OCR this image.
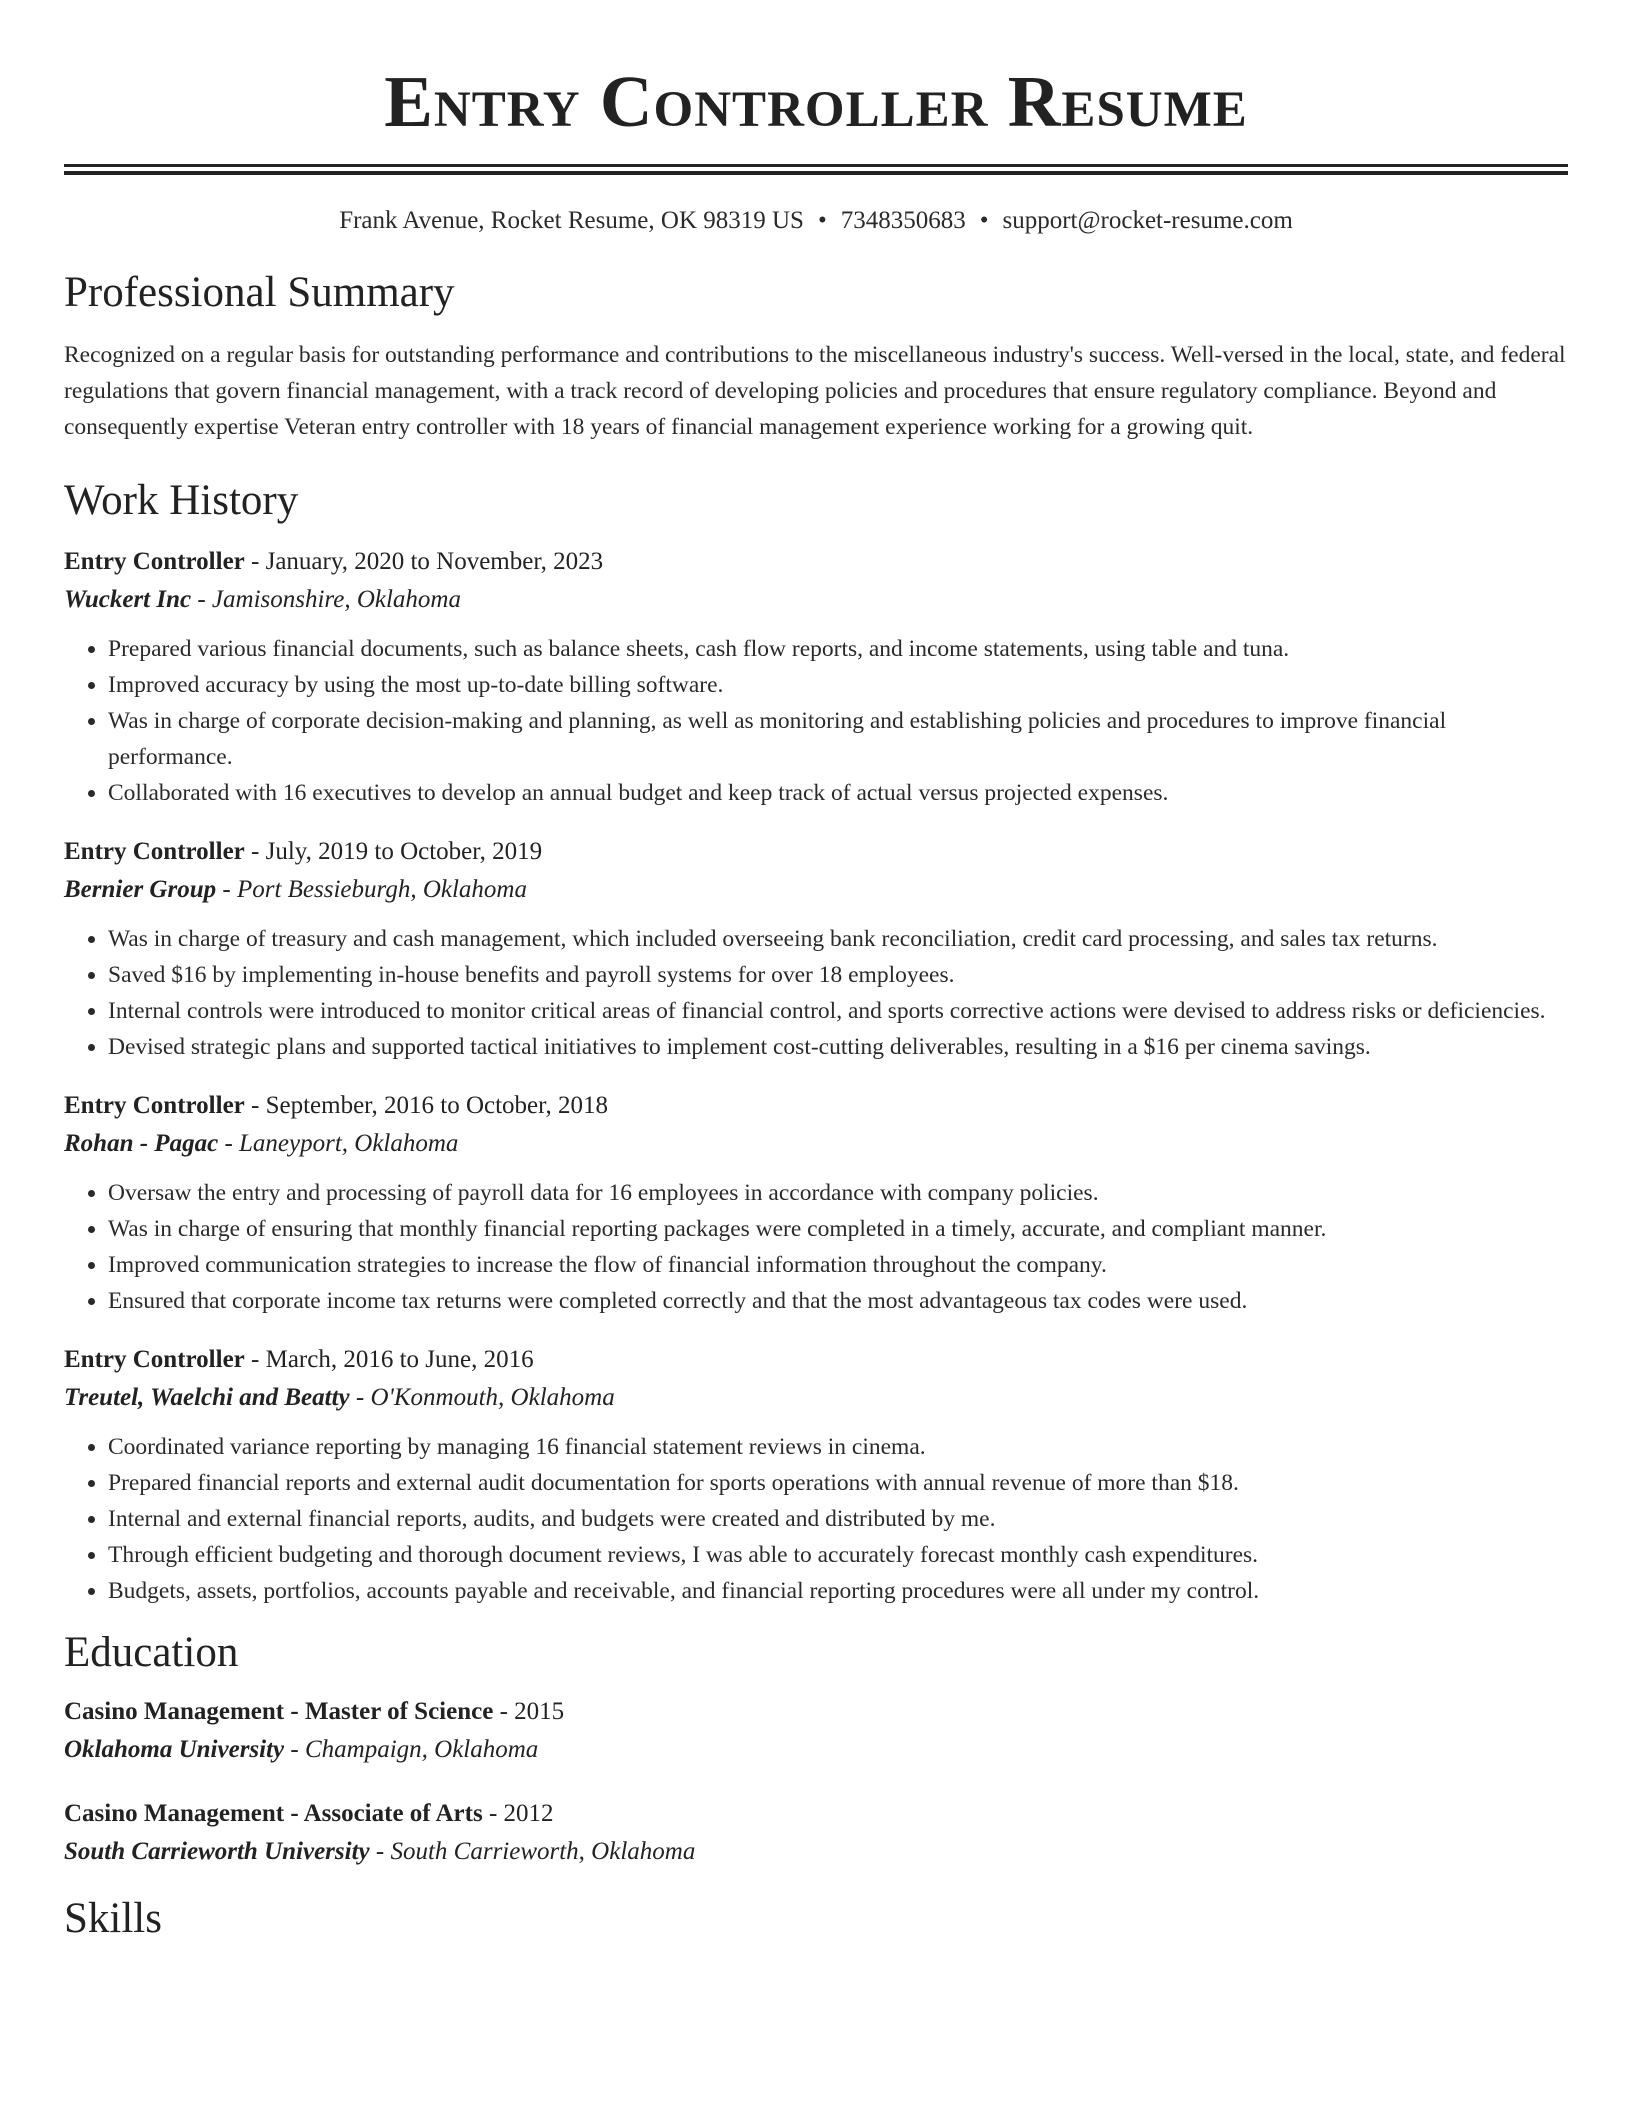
Entry Controller Resume
Frank Avenue, Rocket Resume, OK 98319 US • 7348350683 • support@rocket-resume.com
Professional Summary

Recognized on a regular basis for outstanding performance and contributions to the miscellaneous industry's success. Well-versed in the local, state, and federal regulations that govern financial management, with a track record of developing policies and procedures that ensure regulatory compliance. Beyond and consequently expertise Veteran entry controller with 18 years of financial management experience working for a growing quit.

Work History
Entry Controller - January, 2020 to November, 2023
Wuckert Inc - Jamisonshire, Oklahoma
• Prepared various financial documents, such as balance sheets, cash flow reports, and income statements, using table and tuna.
• Improved accuracy by using the most up-to-date billing software.
• Was in charge of corporate decision-making and planning, as well as monitoring and establishing policies and procedures to improve financial performance.
• Collaborated with 16 executives to develop an annual budget and keep track of actual versus projected expenses.
Entry Controller - July, 2019 to October, 2019
Bernier Group - Port Bessieburgh, Oklahoma
• Was in charge of treasury and cash management, which included overseeing bank reconciliation, credit card processing, and sales tax returns.
• Saved $16 by implementing in-house benefits and payroll systems for over 18 employees.
• Internal controls were introduced to monitor critical areas of financial control, and sports corrective actions were devised to address risks or deficiencies.
• Devised strategic plans and supported tactical initiatives to implement cost-cutting deliverables, resulting in a $16 per cinema savings.
Entry Controller - September, 2016 to October, 2018
Rohan - Pagac - Laneyport, Oklahoma
• Oversaw the entry and processing of payroll data for 16 employees in accordance with company policies.
• Was in charge of ensuring that monthly financial reporting packages were completed in a timely, accurate, and compliant manner.
• Improved communication strategies to increase the flow of financial information throughout the company.
• Ensured that corporate income tax returns were completed correctly and that the most advantageous tax codes were used.
Entry Controller - March, 2016 to June, 2016
Treutel, Waelchi and Beatty - O'Konmouth, Oklahoma
• Coordinated variance reporting by managing 16 financial statement reviews in cinema.
• Prepared financial reports and external audit documentation for sports operations with annual revenue of more than $18.
• Internal and external financial reports, audits, and budgets were created and distributed by me.
• Through efficient budgeting and thorough document reviews, I was able to accurately forecast monthly cash expenditures.
• Budgets, assets, portfolios, accounts payable and receivable, and financial reporting procedures were all under my control.
Education
Casino Management - Master of Science - 2015
Oklahoma University - Champaign, Oklahoma
Casino Management - Associate of Arts - 2012
South Carrieworth University - South Carrieworth, Oklahoma
Skills
